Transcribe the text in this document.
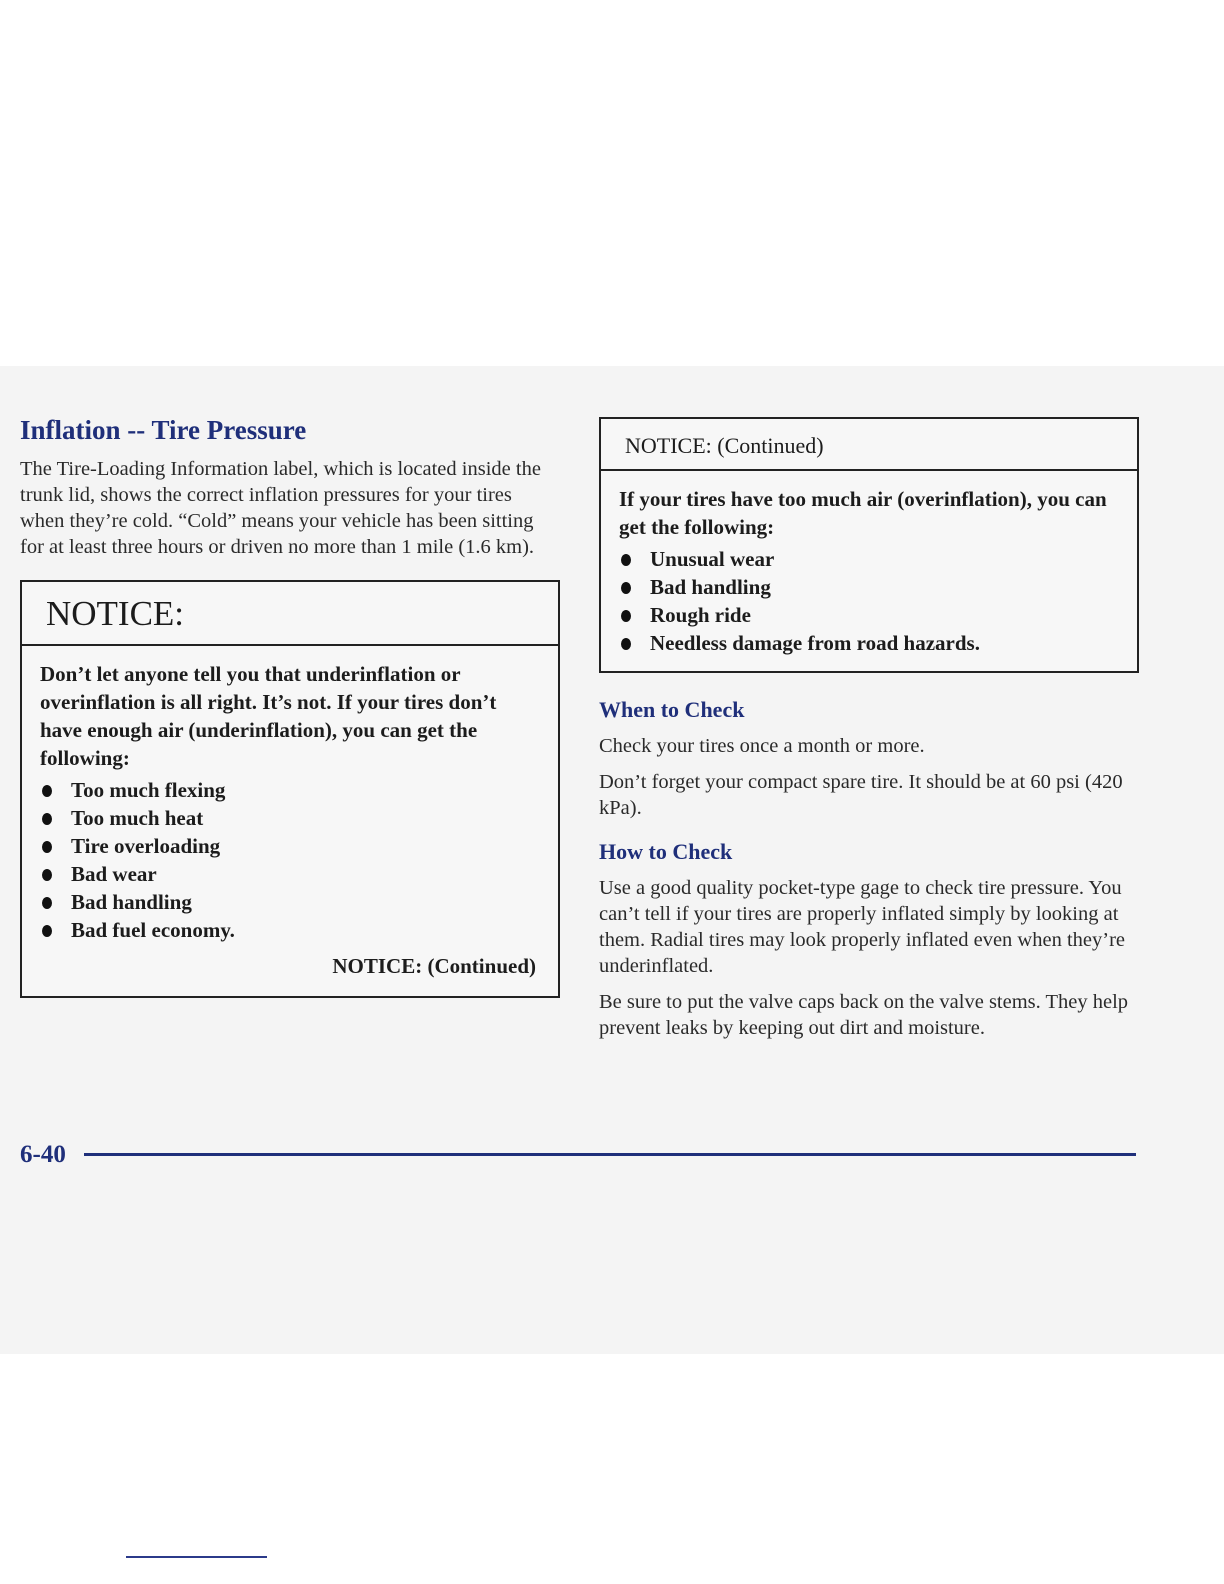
Inflation -- Tire Pressure

The Tire-Loading Information label, which is located inside the trunk lid, shows the correct inflation pressures for your tires when they’re cold. “Cold” means your vehicle has been sitting for at least three hours or driven no more than 1 mile (1.6 km).

NOTICE:

Don’t let anyone tell you that underinflation or overinflation is all right. It’s not. If your tires don’t have enough air (underinflation), you can get the following:

Too much flexing
Too much heat
Tire overloading
Bad wear
Bad handling
Bad fuel economy.
NOTICE: (Continued)
NOTICE: (Continued)

If your tires have too much air (overinflation), you can get the following:

Unusual wear
Bad handling
Rough ride
Needless damage from road hazards.
When to Check

Check your tires once a month or more.

Don’t forget your compact spare tire. It should be at 60 psi (420 kPa).

How to Check

Use a good quality pocket-type gage to check tire pressure. You can’t tell if your tires are properly inflated simply by looking at them. Radial tires may look properly inflated even when they’re underinflated.

Be sure to put the valve caps back on the valve stems. They help prevent leaks by keeping out dirt and moisture.

6-40
